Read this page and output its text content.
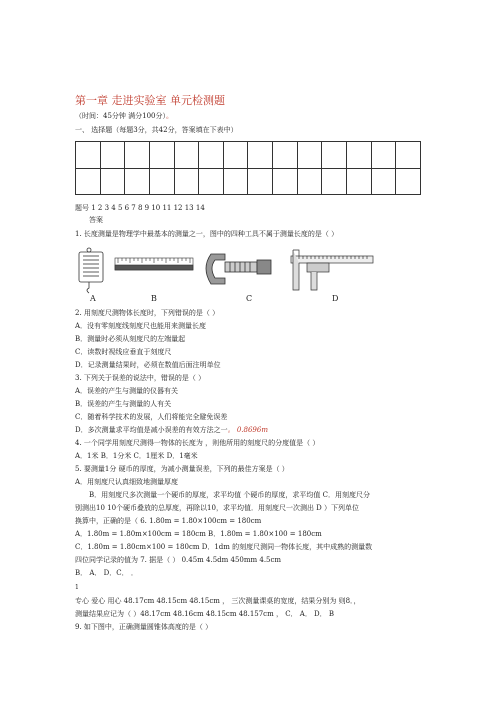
第一章 走进实验室 单元检测题
（时间：45分钟 满分100分）。
一、 选择题（每题3分，共42分，答案填在下表中）

题号 1 2 3 4 5 6 7 8 9 10 11 12 13 14
答案
1. 长度测量是物理学中最基本的测量之一，图中的四种工具不属于测量长度的是（ ）
A	B	C	D
2. 用刻度尺测物体长度时，下列错误的是（ ）
A．没有零刻度线刻度尺也能用来测量长度
B．测量时必须从刻度尺的左端量起
C．读数时视线应垂直于刻度尺
D．记录测量结果时，必须在数值后面注明单位
3. 下列关于误差的说法中，错误的是（ ）
A．误差的产生与测量的仪器有关
B．误差的产生与测量的人有关
C．随着科学技术的发展，人们将能完全避免误差
D．多次测量求平均值是减小误差的有效方法之一。 0.8696m
4. 一个同学用刻度尺测得一物体的长度为 ，则他所用的刻度尺的分度值是（ ）
A．1米 B．1分米 C．1厘米 D．1毫米
5. 要测量1分 硬币的厚度，为减小测量误差，下列的最佳方案是（ ）
A．用刻度尺认真细致地测量厚度
B．用刻度尺多次测量一个硬币的厚度，求平均值 个硬币的厚度，求平均值 C．用刻度尺分
别测出10 10个硬币叠放的总厚度，再除以10，求平均值．用刻度尺一次测出 D ）下列单位
换算中，正确的是（ 6. 1.80m = 1.80×100cm = 180cm
A．1.80m = 1.80m×100cm = 180cm B．1.80m = 1.80×100 = 180cm
C．1.80m = 1.80cm×100 = 180cm D．1dm 的刻度尺测同一物体长度，其中成熟的测量数
四位同学记录的值为 7. 据是（ ） 0.45m 4.5dm 450mm 4.5cm
B． A． D．C． ．
1
专心 爱心 用心 48.17cm 48.15cm 48.15cm ， 三次测量课桌的宽度，结果分别为 则8．，
测量结果应记为（ ）48.17cm 48.16cm 48.15cm 48.157cm ， C． A． D． B
9. 如下图中，正确测量圆锥体高度的是（ ）
